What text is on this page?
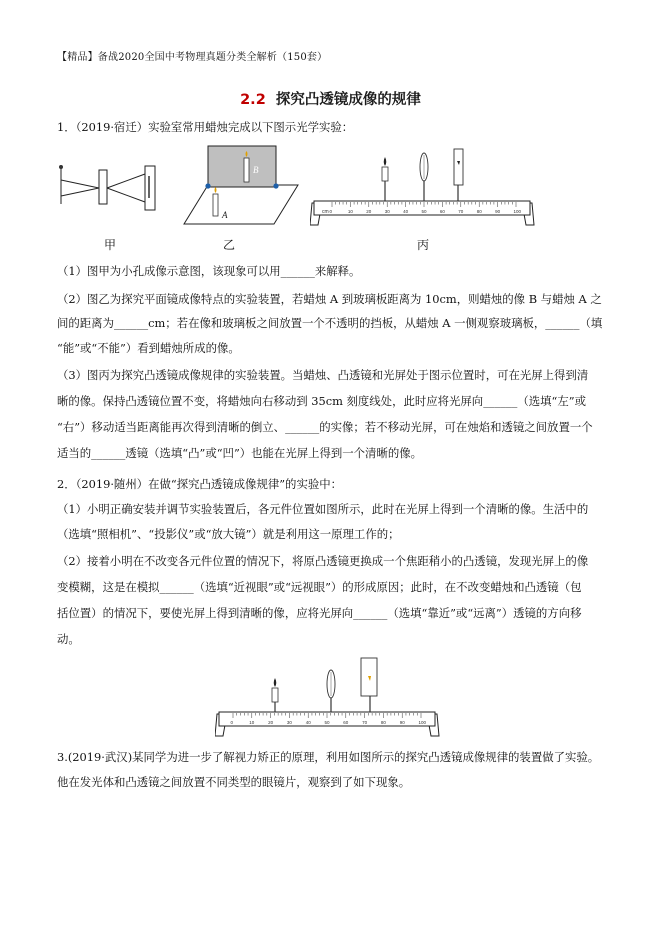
【精品】备战2020全国中考物理真题分类全解析（150套）
2.2 探究凸透镜成像的规律
1．（2019·宿迁）实验室常用蜡烛完成以下图示光学实验：
B
A	cm 0	10	20	30	40	50	60	70	80	90	100
甲	乙	丙
（1）图甲为小孔成像示意图，该现象可以用______来解释。
（2）图乙为探究平面镜成像特点的实验装置，若蜡烛 A 到玻璃板距离为 10cm，则蜡烛的像 B 与蜡烛 A 之
间的距离为______cm；若在像和玻璃板之间放置一个不透明的挡板，从蜡烛 A 一侧观察玻璃板，______（填
“能”或“不能”）看到蜡烛所成的像。
（3）图丙为探究凸透镜成像规律的实验装置。当蜡烛、凸透镜和光屏处于图示位置时，可在光屏上得到清
晰的像。保持凸透镜位置不变，将蜡烛向右移动到 35cm 刻度线处，此时应将光屏向______（选填“左”或
“右”）移动适当距离能再次得到清晰的倒立、______的实像；若不移动光屏，可在烛焰和透镜之间放置一个
适当的______透镜（选填“凸”或“凹”）也能在光屏上得到一个清晰的像。
2．（2019·随州）在做“探究凸透镜成像规律”的实验中：
（1）小明正确安装并调节实验装置后，各元件位置如图所示，此时在光屏上得到一个清晰的像。生活中的
（选填“照相机”、“投影仪”或“放大镜”）就是利用这一原理工作的；
（2）接着小明在不改变各元件位置的情况下，将原凸透镜更换成一个焦距稍小的凸透镜，发现光屏上的像
变模糊，这是在模拟______（选填“近视眼”或“远视眼”）的形成原因；此时，在不改变蜡烛和凸透镜（包
括位置）的情况下，要使光屏上得到清晰的像，应将光屏向______（选填“靠近”或“远离”）透镜的方向移
动。
0	10	20	30	40	50	60	70	80	90	100
3.(2019·武汉)某同学为进一步了解视力矫正的原理，利用如图所示的探究凸透镜成像规律的装置做了实验。
他在发光体和凸透镜之间放置不同类型的眼镜片，观察到了如下现象。
